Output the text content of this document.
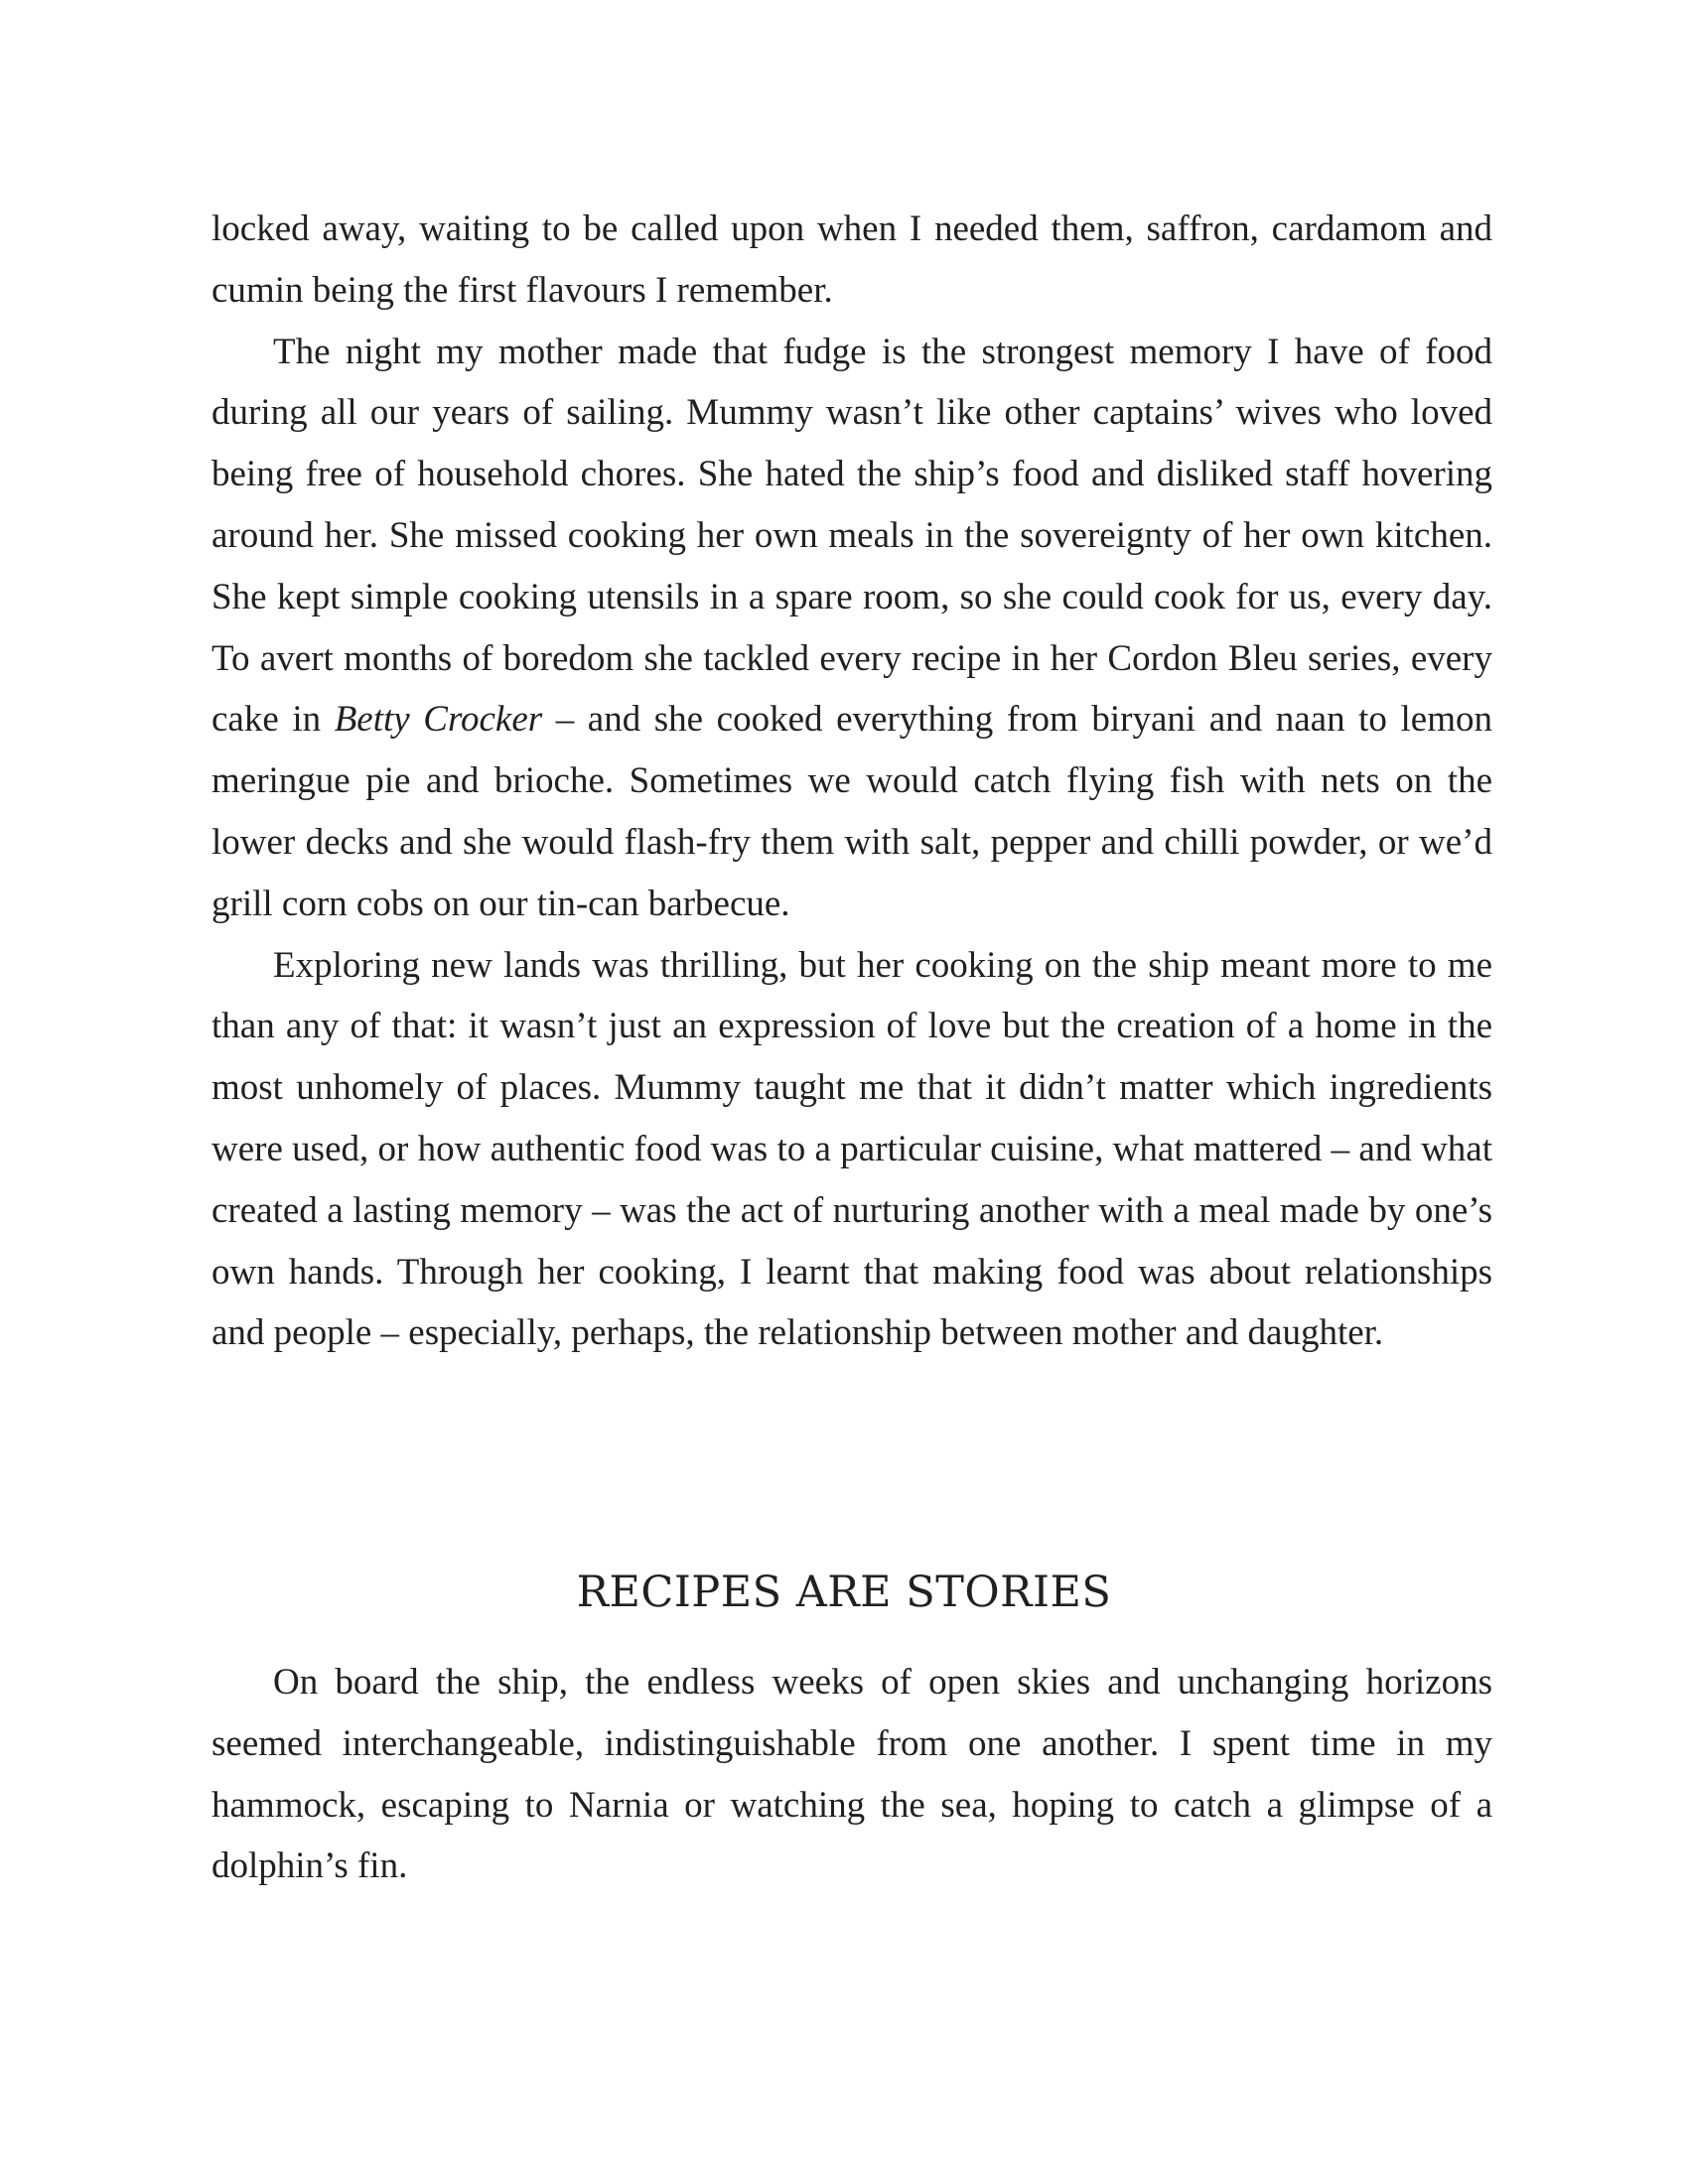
locked away, waiting to be called upon when I needed them, saffron, cardamom and cumin being the first flavours I remember.

The night my mother made that fudge is the strongest memory I have of food during all our years of sailing. Mummy wasn’t like other captains’ wives who loved being free of household chores. She hated the ship’s food and disliked staff hovering around her. She missed cooking her own meals in the sovereignty of her own kitchen. She kept simple cooking utensils in a spare room, so she could cook for us, every day. To avert months of boredom she tackled every recipe in her Cordon Bleu series, every cake in Betty Crocker – and she cooked everything from biryani and naan to lemon meringue pie and brioche. Sometimes we would catch flying fish with nets on the lower decks and she would flash-fry them with salt, pepper and chilli powder, or we’d grill corn cobs on our tin-can barbecue.

Exploring new lands was thrilling, but her cooking on the ship meant more to me than any of that: it wasn’t just an expression of love but the creation of a home in the most unhomely of places. Mummy taught me that it didn’t matter which ingredients were used, or how authentic food was to a particular cuisine, what mattered – and what created a lasting memory – was the act of nurturing another with a meal made by one’s own hands. Through her cooking, I learnt that making food was about relationships and people – especially, perhaps, the relationship between mother and daughter.

RECIPES ARE STORIES

On board the ship, the endless weeks of open skies and unchanging horizons seemed interchangeable, indistinguishable from one another. I spent time in my hammock, escaping to Narnia or watching the sea, hoping to catch a glimpse of a dolphin’s fin.
